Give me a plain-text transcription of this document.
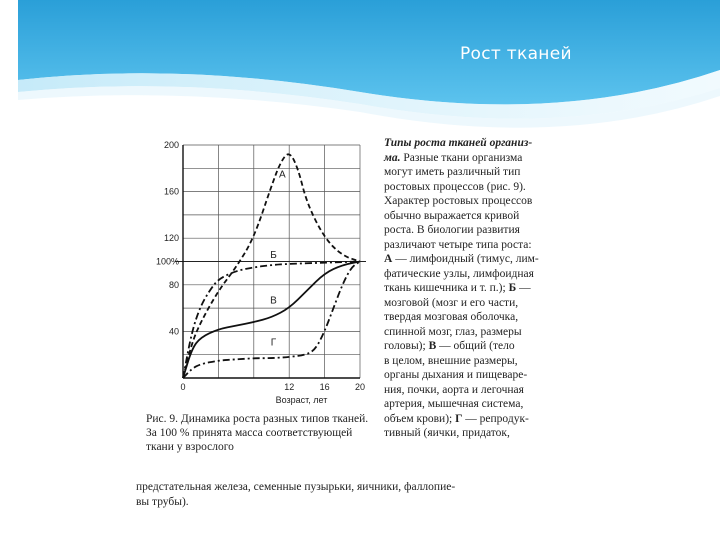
Рост тканей
40
80
100%
120
160
200
0	12	16	20
Возраст, лет
А
Б
В
Г
Рис. 9. Динамика роста разных типов тканей. За 100 % принята масса соответствующей ткани у взрослого
Типы роста тканей организ-
ма. Разные ткани организма
могут иметь различный тип
ростовых процессов (рис. 9).
Характер ростовых процессов
обычно выражается кривой
роста. В биологии развития
различают четыре типа роста:
А — лимфоидный (тимус, лим-
фатические узлы, лимфоидная
ткань кишечника и т. п.); Б —
мозговой (мозг и его части,
твердая мозговая оболочка,
спинной мозг, глаз, размеры
головы); В — общий (тело
в целом, внешние размеры,
органы дыхания и пищеваре-
ния, почки, аорта и легочная
артерия, мышечная система,
объем крови); Г — репродук-
тивный (яички, придаток,
предстательная железа, семенные пузырьки, яичники, фаллопие-
вы трубы).
